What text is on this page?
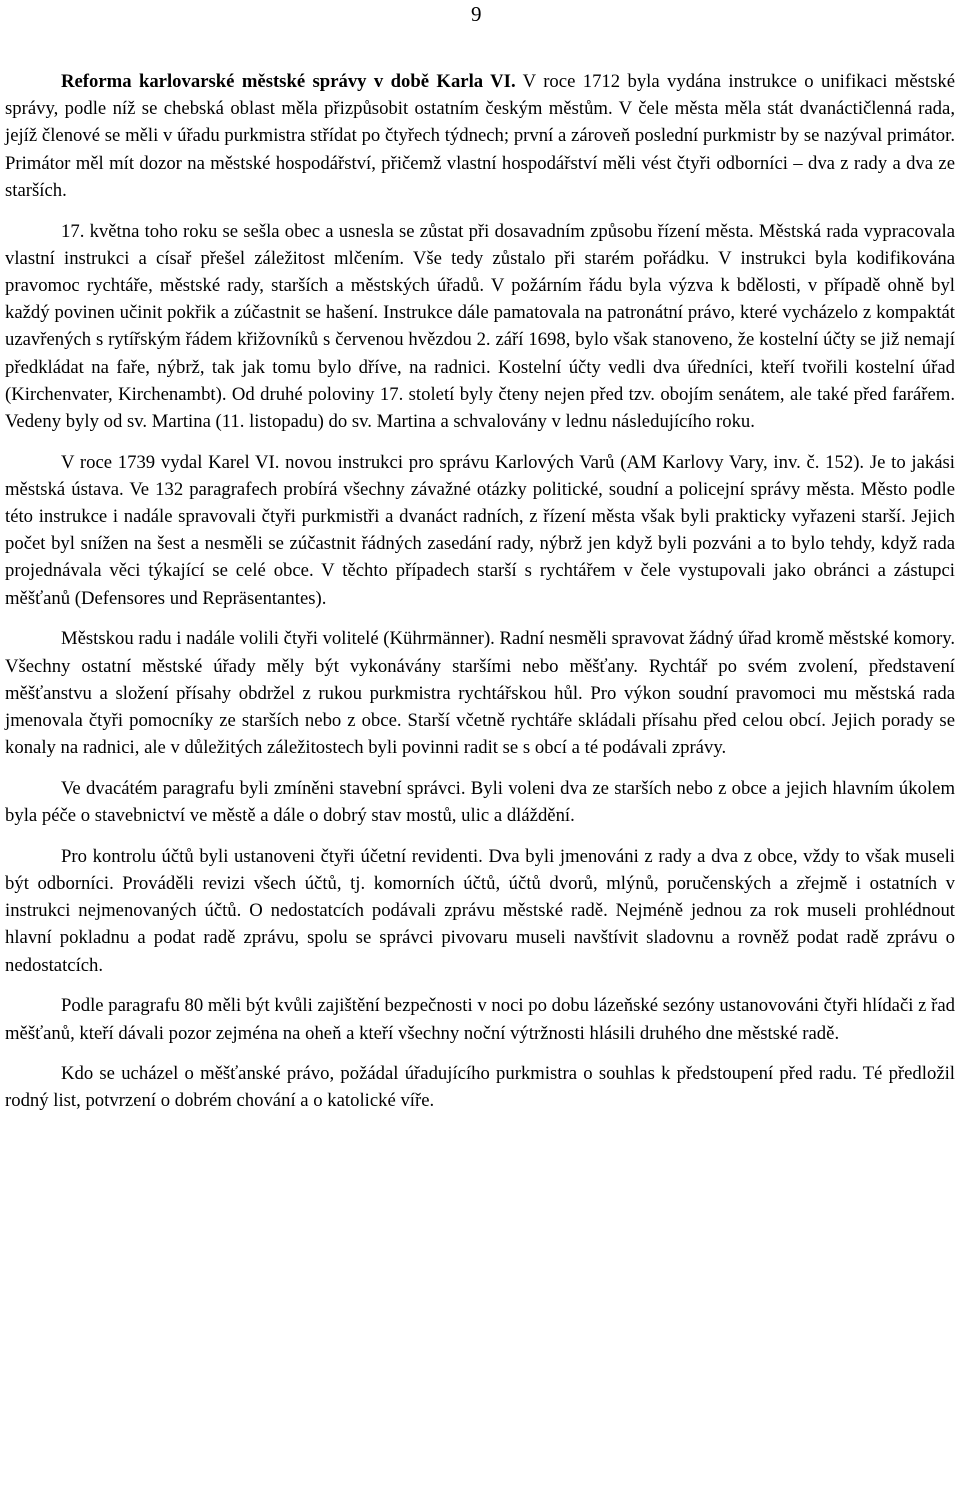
9

Reforma karlovarské městské správy v době Karla VI. V roce 1712 byla vydána instrukce o unifikaci městské správy, podle níž se chebská oblast měla přizpůsobit ostatním českým městům. V čele města měla stát dvanáctičlenná rada, jejíž členové se měli v úřadu purkmistra střídat po čtyřech týdnech; první a zároveň poslední purkmistr by se nazýval primátor. Primátor měl mít dozor na městské hospodářství, přičemž vlastní hospodářství měli vést čtyři odborníci – dva z rady a dva ze starších.

17. května toho roku se sešla obec a usnesla se zůstat při dosavadním způsobu řízení města. Městská rada vypracovala vlastní instrukci a císař přešel záležitost mlčením. Vše tedy zůstalo při starém pořádku. V instrukci byla kodifikována pravomoc rychtáře, městské rady, starších a městských úřadů. V požárním řádu byla výzva k bdělosti, v případě ohně byl každý povinen učinit pokřik a zúčastnit se hašení. Instrukce dále pamatovala na patronátní právo, které vycházelo z kompaktát uzavřených s rytířským řádem křižovníků s červenou hvězdou 2. září 1698, bylo však stanoveno, že kostelní účty se již nemají předkládat na faře, nýbrž, tak jak tomu bylo dříve, na radnici. Kostelní účty vedli dva úředníci, kteří tvořili kostelní úřad (Kirchenvater, Kirchenambt). Od druhé poloviny 17. století byly čteny nejen před tzv. obojím senátem, ale také před farářem. Vedeny byly od sv. Martina (11. listopadu) do sv. Martina a schvalovány v lednu následujícího roku.

V roce 1739 vydal Karel VI. novou instrukci pro správu Karlových Varů (AM Karlovy Vary, inv. č. 152). Je to jakási městská ústava. Ve 132 paragrafech probírá všechny závažné otázky politické, soudní a policejní správy města. Město podle této instrukce i nadále spravovali čtyři purkmistři a dvanáct radních, z řízení města však byli prakticky vyřazeni starší. Jejich počet byl snížen na šest a nesměli se zúčastnit řádných zasedání rady, nýbrž jen když byli pozváni a to bylo tehdy, když rada projednávala věci týkající se celé obce. V těchto případech starší s rychtářem v čele vystupovali jako obránci a zástupci měšťanů (Defensores und Repräsentantes).

Městskou radu i nadále volili čtyři volitelé (Kührmänner). Radní nesměli spravovat žádný úřad kromě městské komory. Všechny ostatní městské úřady měly být vykonávány staršími nebo měšťany. Rychtář po svém zvolení, představení měšťanstvu a složení přísahy obdržel z rukou purkmistra rychtářskou hůl. Pro výkon soudní pravomoci mu městská rada jmenovala čtyři pomocníky ze starších nebo z obce. Starší včetně rychtáře skládali přísahu před celou obcí. Jejich porady se konaly na radnici, ale v důležitých záležitostech byli povinni radit se s obcí a té podávali zprávy.

Ve dvacátém paragrafu byli zmíněni stavební správci. Byli voleni dva ze starších nebo z obce a jejich hlavním úkolem byla péče o stavebnictví ve městě a dále o dobrý stav mostů, ulic a dláždění.

Pro kontrolu účtů byli ustanoveni čtyři účetní revidenti. Dva byli jmenováni z rady a dva z obce, vždy to však museli být odborníci. Prováděli revizi všech účtů, tj. komorních účtů, účtů dvorů, mlýnů, poručenských a zřejmě i ostatních v instrukci nejmenovaných účtů. O nedostatcích podávali zprávu městské radě. Nejméně jednou za rok museli prohlédnout hlavní pokladnu a podat radě zprávu, spolu se správci pivovaru museli navštívit sladovnu a rovněž podat radě zprávu o nedostatcích.

Podle paragrafu 80 měli být kvůli zajištění bezpečnosti v noci po dobu lázeňské sezóny ustanovováni čtyři hlídači z řad měšťanů, kteří dávali pozor zejména na oheň a kteří všechny noční výtržnosti hlásili druhého dne městské radě.

Kdo se ucházel o měšťanské právo, požádal úřadujícího purkmistra o souhlas k předstoupení před radu. Té předložil rodný list, potvrzení o dobrém chování a o katolické víře.
